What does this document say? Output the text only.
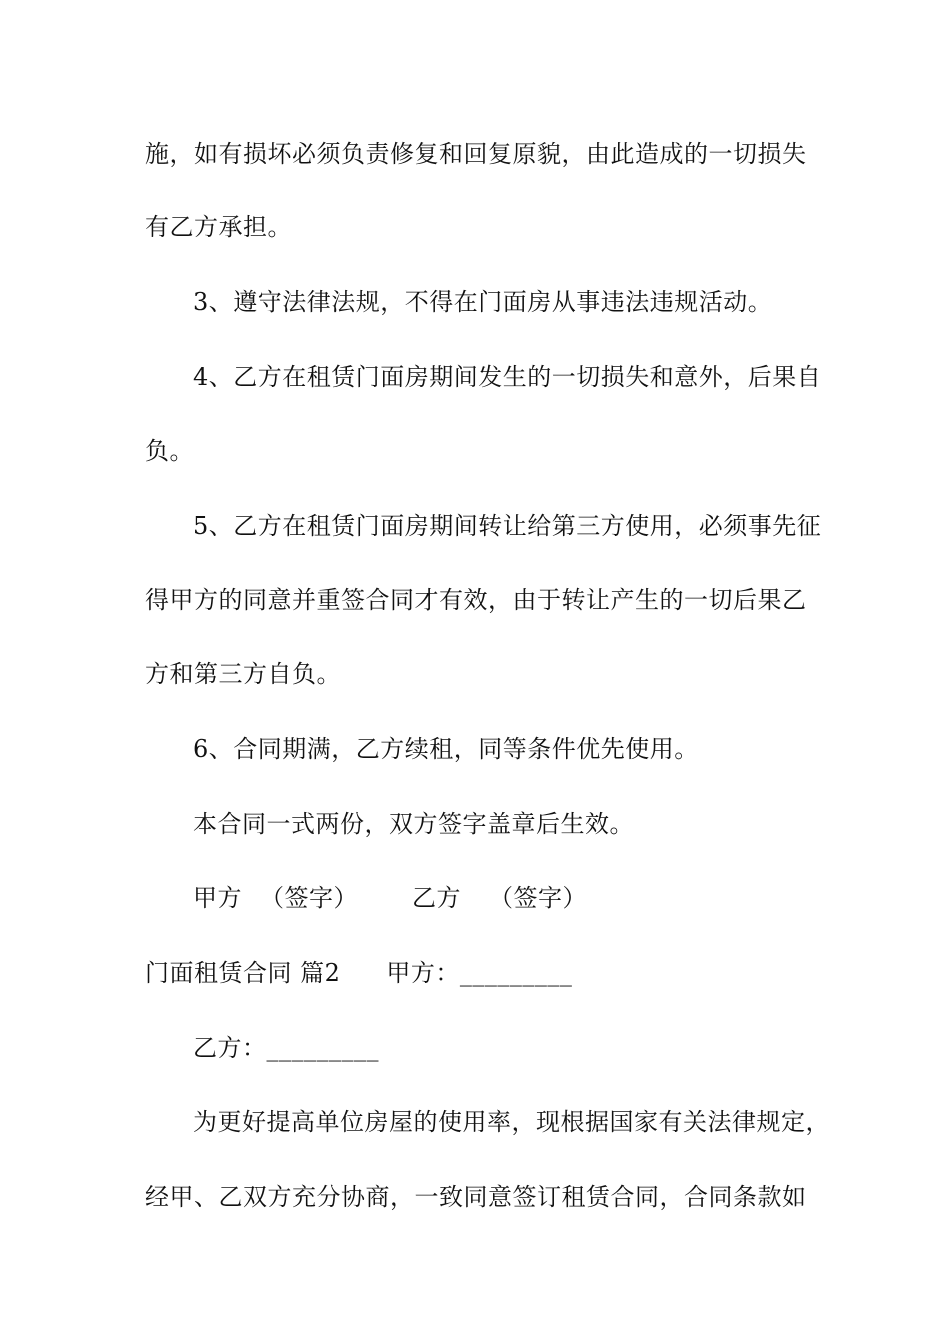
施，如有损坏必须负责修复和回复原貌，由此造成的一切损失
有乙方承担。
3、遵守法律法规，不得在门面房从事违法违规活动。
4、乙方在租赁门面房期间发生的一切损失和意外，后果自
负。
5、乙方在租赁门面房期间转让给第三方使用，必须事先征
得甲方的同意并重签合同才有效，由于转让产生的一切后果乙
方和第三方自负。
6、合同期满，乙方续租，同等条件优先使用。
本合同一式两份，双方签字盖章后生效。
甲方 （签字） 乙方 （签字）
门面租赁合同 篇2 甲方：_________
乙方：_________
为更好提高单位房屋的使用率，现根据国家有关法律规定，
经甲、乙双方充分协商，一致同意签订租赁合同，合同条款如
